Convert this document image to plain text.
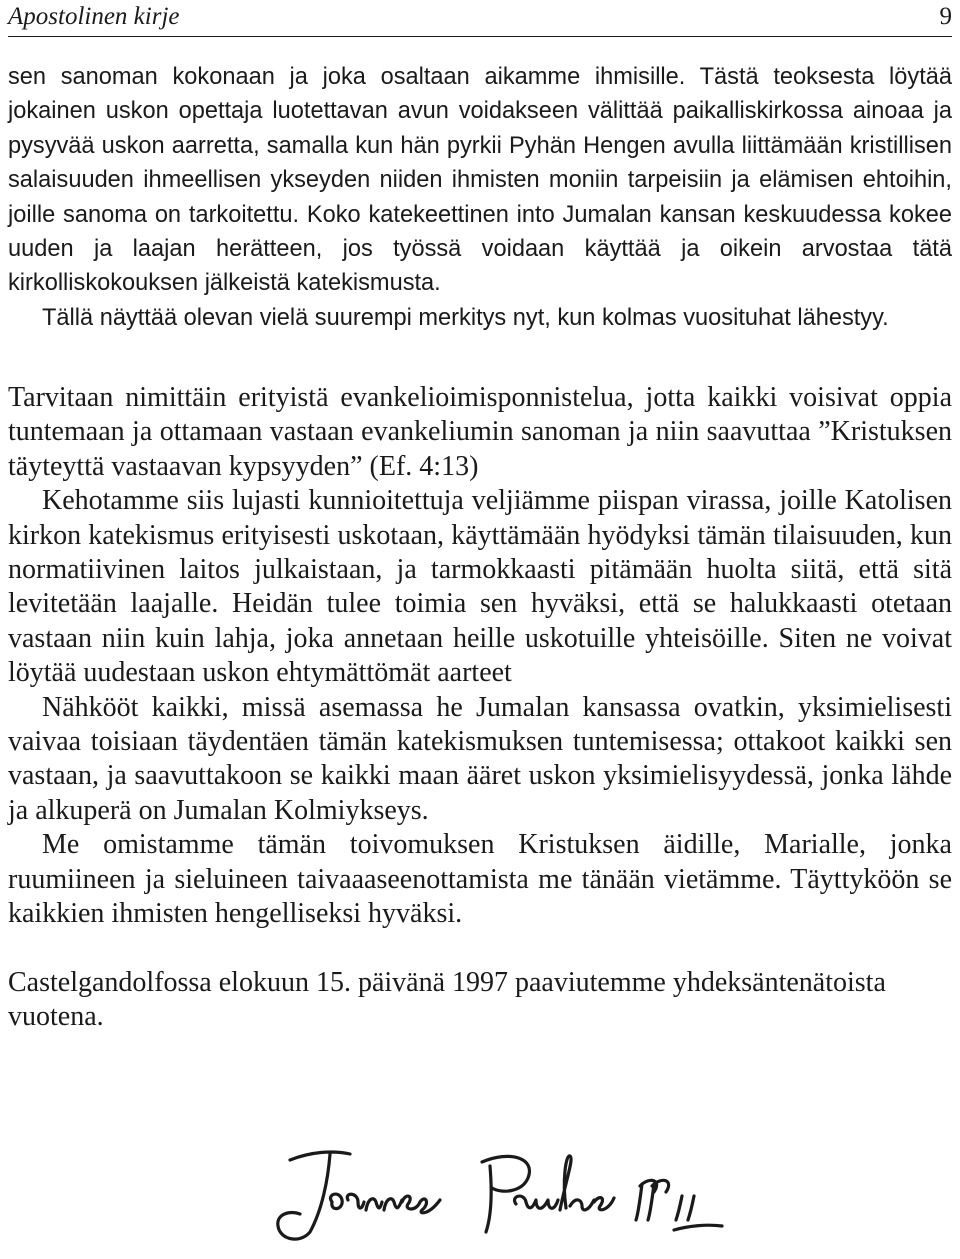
Apostolinen kirje	9

sen sanoman kokonaan ja joka osaltaan aikamme ihmisille. Tästä teoksesta löytää jokainen uskon opettaja luotettavan avun voidakseen välittää paikalliskirkossa ainoaa ja pysyvää uskon aarretta, samalla kun hän pyrkii Pyhän Hengen avulla liittämään kristillisen salaisuuden ihmeellisen ykseyden niiden ihmisten moniin tarpeisiin ja elämisen ehtoihin, joille sanoma on tarkoitettu. Koko katekeettinen into Jumalan kansan keskuudessa kokee uuden ja laajan herätteen, jos työssä voidaan käyttää ja oikein arvostaa tätä kirkolliskokouksen jälkeistä katekismusta.

Tällä näyttää olevan vielä suurempi merkitys nyt, kun kolmas vuosituhat lähestyy.

Tarvitaan nimittäin erityistä evankelioimisponnistelua, jotta kaikki voisivat oppia tuntemaan ja ottamaan vastaan evankeliumin sanoman ja niin saavuttaa ”Kristuksen täyteyttä vastaavan kypsyyden” (Ef. 4:13)

Kehotamme siis lujasti kunnioitettuja veljiämme piispan virassa, joille Katolisen kirkon katekismus erityisesti uskotaan, käyttämään hyödyksi tämän tilaisuuden, kun normatiivinen laitos julkaistaan, ja tarmokkaasti pitämään huolta siitä, että sitä levitetään laajalle. Heidän tulee toimia sen hyväksi, että se halukkaasti otetaan vastaan niin kuin lahja, joka annetaan heille uskotuille yhteisöille. Siten ne voivat löytää uudestaan uskon ehtymättömät aarteet

Nähkööt kaikki, missä asemassa he Jumalan kansassa ovatkin, yksimielisesti vaivaa toisiaan täydentäen tämän katekismuksen tuntemisessa; ottakoot kaikki sen vastaan, ja saavuttakoon se kaikki maan ääret uskon yksimielisyydessä, jonka lähde ja alkuperä on Jumalan Kolmiykseys.

Me omistamme tämän toivomuksen Kristuksen äidille, Marialle, jonka ruumiineen ja sieluineen taivaaaseenottamista me tänään vietämme. Täyttyköön se kaikkien ihmisten hengelliseksi hyväksi.

Castelgandolfossa elokuun 15. päivänä 1997 paaviutemme yhdeksäntenätoista vuotena.
